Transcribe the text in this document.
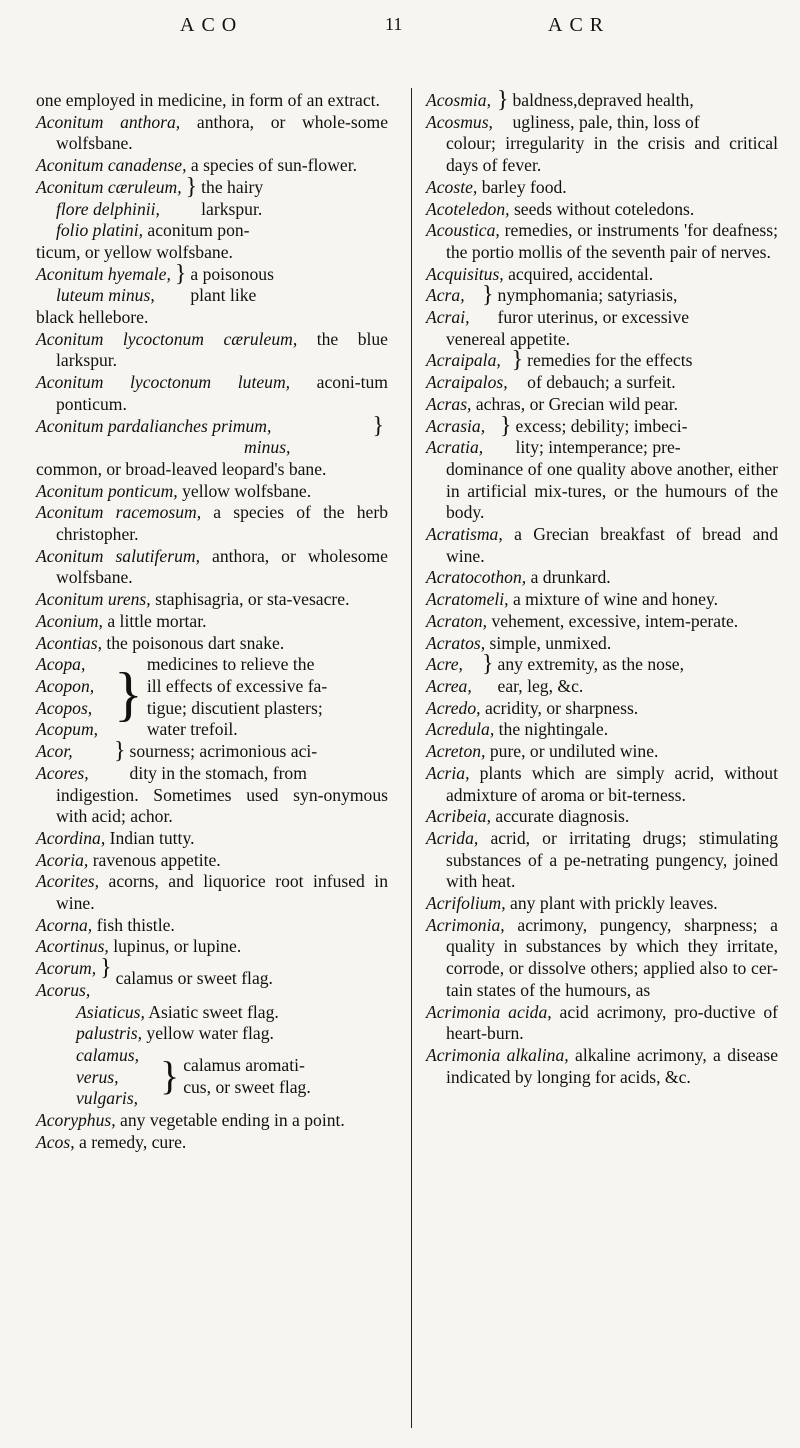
ACO	11	ACR

one employed in medicine, in form of an extract.

Aconitum anthora, anthora, or whole-some wolfsbane.

Aconitum canadense, a species of sun-flower.

Aconitum cæruleum,
flore delphinii,
} the hairy
larkspur.
folio platini, aconitum pon-
ticum, or yellow wolfsbane.
Aconitum hyemale,
luteum minus,
} a poisonous
plant like
black hellebore.

Aconitum lycoctonum cæruleum, the blue larkspur.

Aconitum lycoctonum luteum, aconi-tum ponticum.

Aconitum pardalianches primum,
minus,
}
common, or broad-leaved leopard's bane.

Aconitum ponticum, yellow wolfsbane.

Aconitum racemosum, a species of the herb christopher.

Aconitum salutiferum, anthora, or wholesome wolfsbane.

Aconitum urens, staphisagria, or sta-vesacre.

Aconium, a little mortar.

Acontias, the poisonous dart snake.

Acopa,
Acopon,
Acopos,
Acopum,
} medicines to relieve the
ill effects of excessive fa-
tigue; discutient plasters;
water trefoil.
Acor,
Acores,
} sourness; acrimonious aci-
dity in the stomach, from
indigestion. Sometimes used syn-onymous with acid; achor.

Acordina, Indian tutty.

Acoria, ravenous appetite.

Acorites, acorns, and liquorice root infused in wine.

Acorna, fish thistle.

Acortinus, lupinus, or lupine.

Acorum,
Acorus,
} calamus or sweet flag.

Asiaticus, Asiatic sweet flag.

palustris, yellow water flag.

calamus,
verus,
vulgaris,
} calamus aromati-
cus, or sweet flag.

Acoryphus, any vegetable ending in a point.

Acos, a remedy, cure.

Acosmia,
Acosmus,
} baldness,depraved health,
ugliness, pale, thin, loss of
colour; irregularity in the crisis and critical days of fever.

Acoste, barley food.

Acoteledon, seeds without coteledons.

Acoustica, remedies, or instruments 'for deafness; the portio mollis of the seventh pair of nerves.

Acquisitus, acquired, accidental.

Acra,
Acrai,
} nymphomania; satyriasis,
furor uterinus, or excessive
venereal appetite.
Acraipala,
Acraipalos,
} remedies for the effects
of debauch; a surfeit.

Acras, achras, or Grecian wild pear.

Acrasia,
Acratia,
} excess; debility; imbeci-
lity; intemperance; pre-
dominance of one quality above another, either in artificial mix-tures, or the humours of the body.

Acratisma, a Grecian breakfast of bread and wine.

Acratocothon, a drunkard.

Acratomeli, a mixture of wine and honey.

Acraton, vehement, excessive, intem-perate.

Acratos, simple, unmixed.

Acre,
Acrea,
} any extremity, as the nose,
ear, leg, &c.

Acredo, acridity, or sharpness.

Acredula, the nightingale.

Acreton, pure, or undiluted wine.

Acria, plants which are simply acrid, without admixture of aroma or bit-terness.

Acribeia, accurate diagnosis.

Acrida, acrid, or irritating drugs; stimulating substances of a pe-netrating pungency, joined with heat.

Acrifolium, any plant with prickly leaves.

Acrimonia, acrimony, pungency, sharpness; a quality in substances by which they irritate, corrode, or dissolve others; applied also to cer-tain states of the humours, as

Acrimonia acida, acid acrimony, pro-ductive of heart-burn.

Acrimonia alkalina, alkaline acrimony, a disease indicated by longing for acids, &c.
